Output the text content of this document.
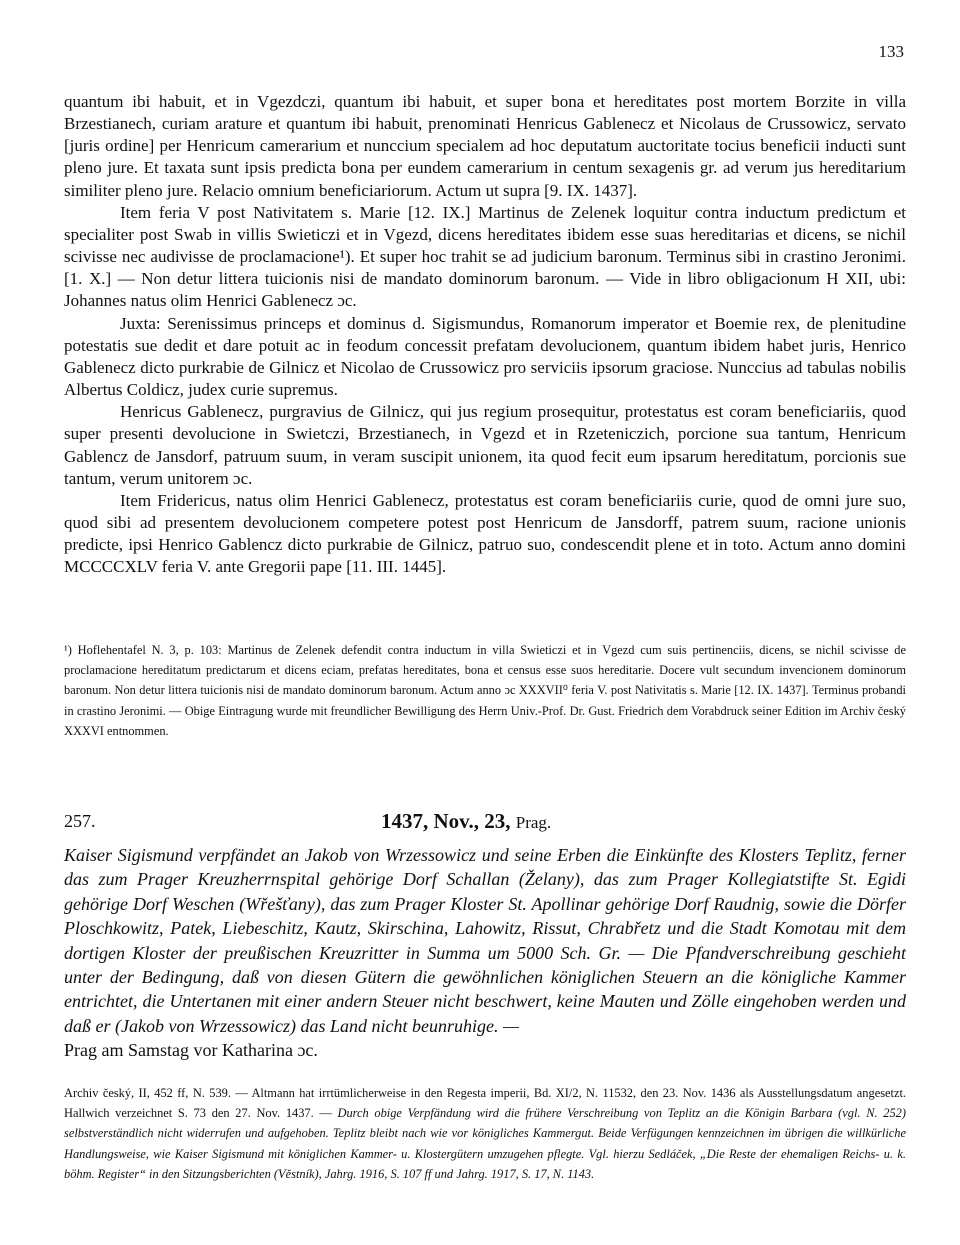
133

quantum ibi habuit, et in Vgezdczi, quantum ibi habuit, et super bona et hereditates post mortem Borzite in villa Brzestianech, curiam arature et quantum ibi habuit, prenominati Henricus Gablenecz et Nicolaus de Crussowicz, servato [juris ordine] per Henricum camerarium et nunccium specialem ad hoc deputatum auctoritate tocius beneficii inducti sunt pleno jure. Et taxata sunt ipsis predicta bona per eundem camerarium in centum sexagenis gr. ad verum jus hereditarium similiter pleno jure. Relacio omnium beneficiariorum. Actum ut supra [9. IX. 1437].

Item feria V post Nativitatem s. Marie [12. IX.] Martinus de Zelenek loquitur contra inductum predictum et specialiter post Swab in villis Swieticzi et in Vgezd, dicens hereditates ibidem esse suas hereditarias et dicens, se nichil scivisse nec audivisse de proclamacione¹). Et super hoc trahit se ad judicium baronum. Terminus sibi in crastino Jeronimi. [1. X.] — Non detur littera tuicionis nisi de mandato dominorum baronum. — Vide in libro obligacionum H XII, ubi: Johannes natus olim Henrici Gablenecz ɔc.

Juxta: Serenissimus princeps et dominus d. Sigismundus, Romanorum imperator et Boemie rex, de plenitudine potestatis sue dedit et dare potuit ac in feodum concessit prefatam devolucionem, quantum ibidem habet juris, Henrico Gablenecz dicto purkrabie de Gilnicz et Nicolao de Crussowicz pro serviciis ipsorum graciose. Nunccius ad tabulas nobilis Albertus Coldicz, judex curie supremus.

Henricus Gablenecz, purgravius de Gilnicz, qui jus regium prosequitur, protestatus est coram beneficiariis, quod super presenti devolucione in Swietczi, Brzestianech, in Vgezd et in Rzeteniczich, porcione sua tantum, Henricum Gablencz de Jansdorf, patruum suum, in veram suscipit unionem, ita quod fecit eum ipsarum hereditatum, porcionis sue tantum, verum unitorem ɔc.

Item Fridericus, natus olim Henrici Gablenecz, protestatus est coram beneficiariis curie, quod de omni jure suo, quod sibi ad presentem devolucionem competere potest post Henricum de Jansdorff, patrem suum, racione unionis predicte, ipsi Henrico Gablencz dicto purkrabie de Gilnicz, patruo suo, condescendit plene et in toto. Actum anno domini MCCCCXLV feria V. ante Gregorii pape [11. III. 1445].

¹) Hoflehentafel N. 3, p. 103: Martinus de Zelenek defendit contra inductum in villa Swieticzi et in Vgezd cum suis pertinenciis, dicens, se nichil scivisse de proclamacione hereditatum predictarum et dicens eciam, prefatas hereditates, bona et census esse suos hereditarie. Docere vult secundum invencionem dominorum baronum. Non detur littera tuicionis nisi de mandato dominorum baronum. Actum anno ɔc XXXVII⁰ feria V. post Nativitatis s. Marie [12. IX. 1437]. Terminus probandi in crastino Jeronimi. — Obige Eintragung wurde mit freundlicher Bewilligung des Herrn Univ.-Prof. Dr. Gust. Friedrich dem Vorabdruck seiner Edition im Archiv český XXXVI entnommen.

257.	1437, Nov., 23, Prag.

Kaiser Sigismund verpfändet an Jakob von Wrzessowicz und seine Erben die Einkünfte des Klosters Teplitz, ferner das zum Prager Kreuzherrnspital gehörige Dorf Schallan (Želany), das zum Prager Kollegiatstifte St. Egidi gehörige Dorf Weschen (Wřešťany), das zum Prager Kloster St. Apollinar gehörige Dorf Raudnig, sowie die Dörfer Ploschkowitz, Patek, Liebeschitz, Kautz, Skirschina, Lahowitz, Rissut, Chrabřetz und die Stadt Komotau mit dem dortigen Kloster der preußischen Kreuzritter in Summa um 5000 Sch. Gr. — Die Pfandverschreibung geschieht unter der Bedingung, daß von diesen Gütern die gewöhnlichen königlichen Steuern an die königliche Kammer entrichtet, die Untertanen mit einer andern Steuer nicht beschwert, keine Mauten und Zölle eingehoben werden und daß er (Jakob von Wrzessowicz) das Land nicht beunruhige. —

Prag am Samstag vor Katharina ɔc.

Archiv český, II, 452 ff, N. 539. — Altmann hat irrtümlicherweise in den Regesta imperii, Bd. XI/2, N. 11532, den 23. Nov. 1436 als Ausstellungsdatum angesetzt. Hallwich verzeichnet S. 73 den 27. Nov. 1437. — Durch obige Verpfändung wird die frühere Verschreibung von Teplitz an die Königin Barbara (vgl. N. 252) selbstverständlich nicht widerrufen und aufgehoben. Teplitz bleibt nach wie vor königliches Kammergut. Beide Verfügungen kennzeichnen im übrigen die willkürliche Handlungsweise, wie Kaiser Sigismund mit königlichen Kammer- u. Klostergütern umzugehen pflegte. Vgl. hierzu Sedláček, „Die Reste der ehemaligen Reichs- u. k. böhm. Register“ in den Sitzungsberichten (Věstník), Jahrg. 1916, S. 107 ff und Jahrg. 1917, S. 17, N. 1143.
